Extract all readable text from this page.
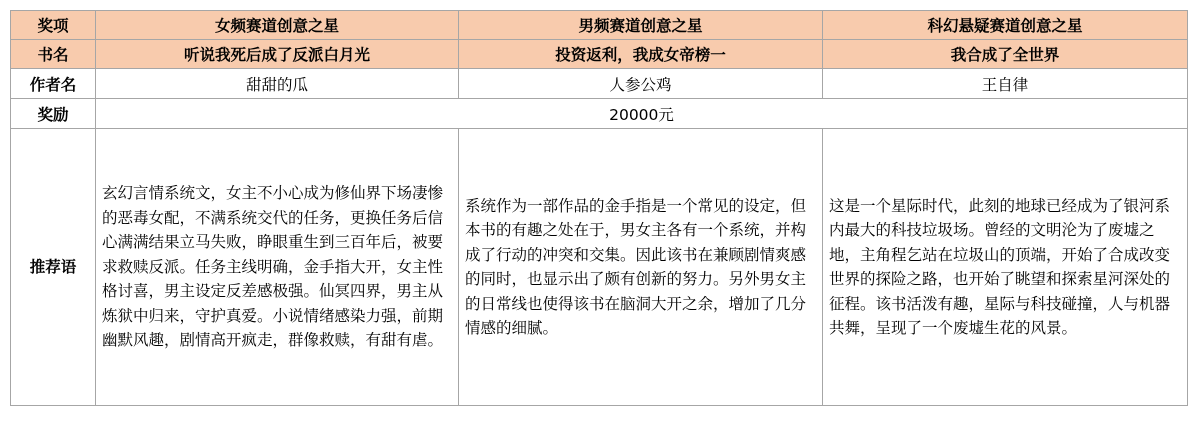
奖项	女频赛道创意之星	男频赛道创意之星	科幻悬疑赛道创意之星
书名	听说我死后成了反派白月光	投资返利，我成女帝榜一	我合成了全世界
作者名	甜甜的瓜	人参公鸡	王自律
奖励	20000元		
推荐语	玄幻言情系统文，女主不小心成为修仙界下场凄惨的恶毒女配，不满系统交代的任务，更换任务后信心满满结果立马失败，睁眼重生到三百年后，被要求救赎反派。任务主线明确，金手指大开，女主性格讨喜，男主设定反差感极强。仙冥四界，男主从炼狱中归来，守护真爱。小说情绪感染力强，前期幽默风趣，剧情高开疯走，群像救赎，有甜有虐。	系统作为一部作品的金手指是一个常见的设定，但本书的有趣之处在于，男女主各有一个系统，并构成了行动的冲突和交集。因此该书在兼顾剧情爽感的同时，也显示出了颇有创新的努力。另外男女主的日常线也使得该书在脑洞大开之余，增加了几分情感的细腻。	这是一个星际时代，此刻的地球已经成为了银河系内最大的科技垃圾场。曾经的文明沦为了废墟之地，主角程乞站在垃圾山的顶端，开始了合成改变世界的探险之路，也开始了眺望和探索星河深处的征程。该书活泼有趣，星际与科技碰撞，人与机器共舞，呈现了一个废墟生花的风景。
